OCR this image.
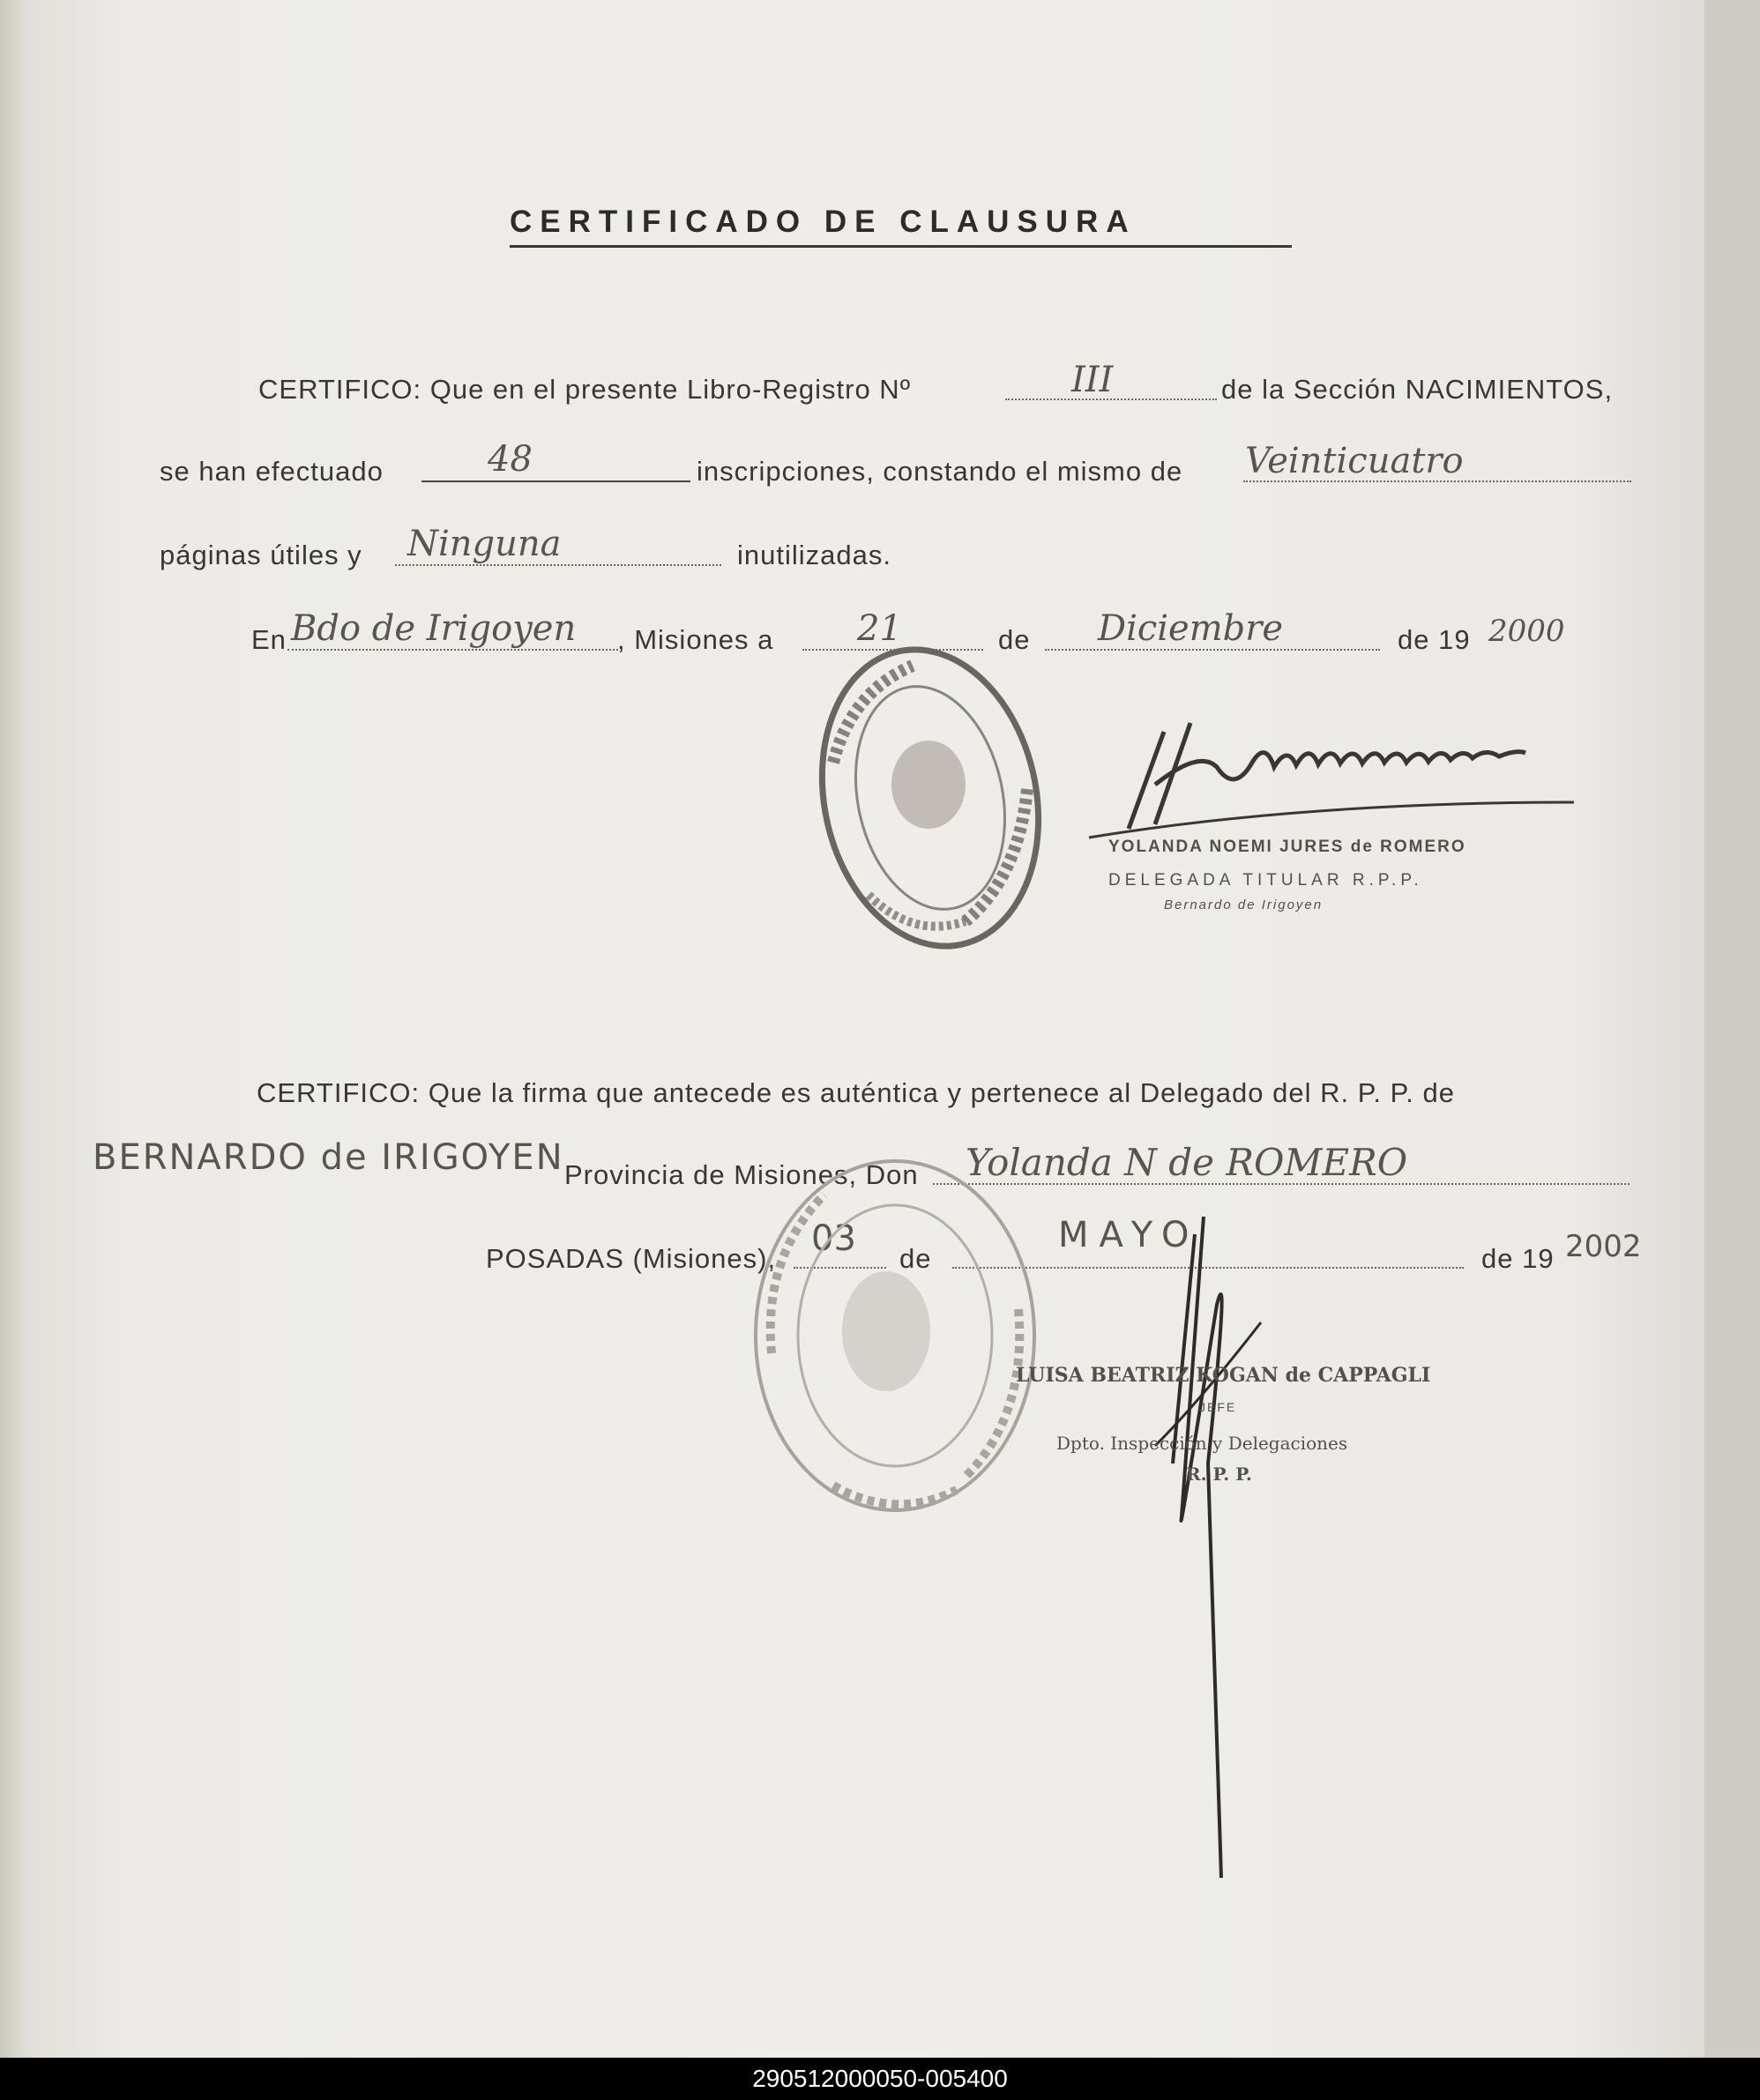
CERTIFICADO DE CLAUSURA
CERTIFICO: Que en el presente Libro-Registro Nº	III	de la Sección NACIMIENTOS,
se han efectuado	48	inscripciones, constando el mismo de Veinticuatro
páginas útiles y Ninguna	inutilizadas.
En Bdo de Irigoyen , Misiones a 21	de Diciembre	de 19 2000
YOLANDA NOEMI JURES de ROMERO
DELEGADA TITULAR R.P.P.
Bernardo de Irigoyen
CERTIFICO: Que la firma que antecede es auténtica y pertenece al Delegado del R. P. P. de
BERNARDO de IRIGOYEN Provincia de Misiones, Don Yolanda N de ROMERO
POSADAS (Misiones), 03 de
MAYO
de 19 2002
LUISA BEATRIZ KOGAN de CAPPAGLI
JEFE
Dpto. Inspección y Delegaciones
R. P. P.
290512000050-005400
